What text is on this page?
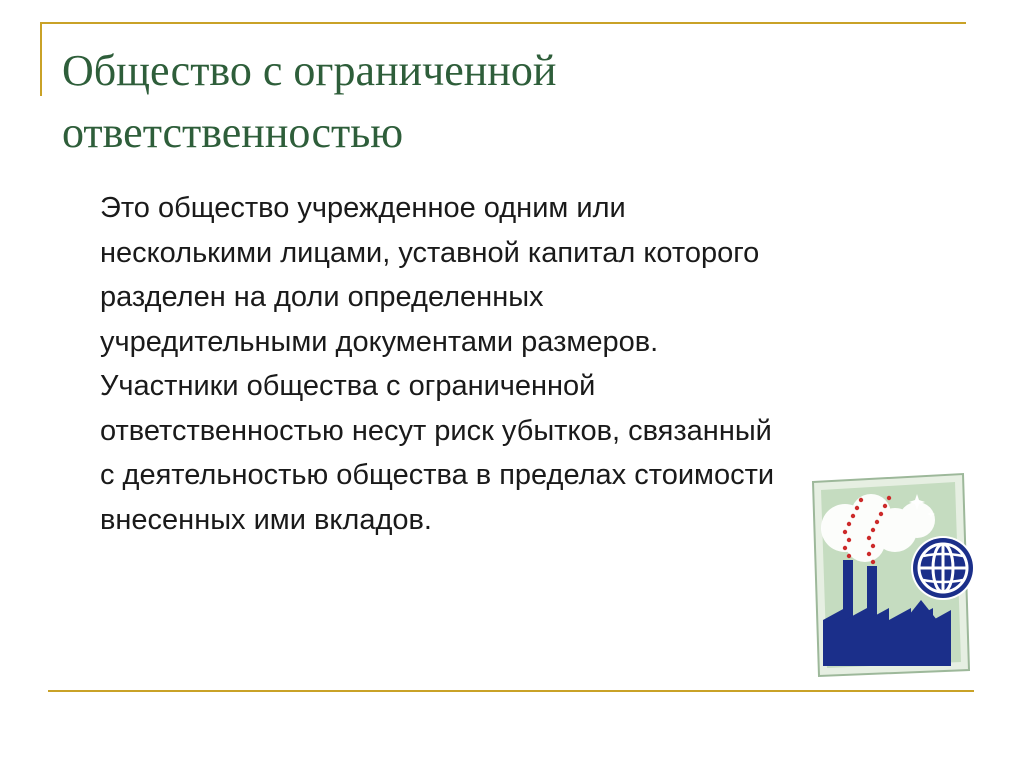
Общество с ограниченной
ответственностью

Это общество учрежденное одним или
несколькими лицами, уставной капитал которого
разделен на доли определенных
учредительными документами размеров.
Участники общества с ограниченной
ответственностью несут риск убытков, связанный
с деятельностью общества в пределах стоимости
внесенных ими вкладов.
